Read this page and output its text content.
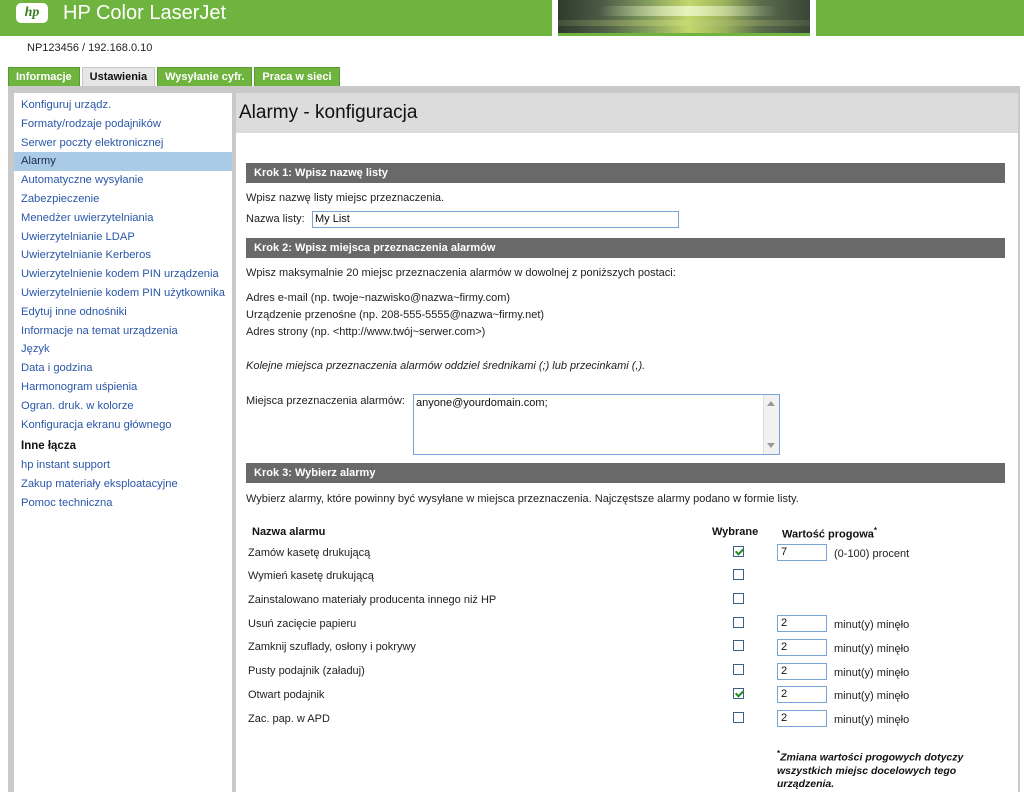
hp	HP Color LaserJet
NP123456 / 192.168.0.10
Informacje	Ustawienia	Wysyłanie cyfr.	Praca w sieci
Konfiguruj urządz.
Formaty/rodzaje podajników
Serwer poczty elektronicznej
Alarmy
Automatyczne wysyłanie
Zabezpieczenie
Menedżer uwierzytelniania
Uwierzytelnianie LDAP
Uwierzytelnianie Kerberos
Uwierzytelnienie kodem PIN urządzenia
Uwierzytelnienie kodem PIN użytkownika
Edytuj inne odnośniki
Informacje na temat urządzenia
Język
Data i godzina
Harmonogram uśpienia
Ogran. druk. w kolorze
Konfiguracja ekranu głównego
Inne łącza
hp instant support
Zakup materiały eksploatacyjne
Pomoc techniczna
Alarmy - konfiguracja
Krok 1: Wpisz nazwę listy
Wpisz nazwę listy miejsc przeznaczenia.
Nazwa listy: My List
Krok 2: Wpisz miejsca przeznaczenia alarmów
Wpisz maksymalnie 20 miejsc przeznaczenia alarmów w dowolnej z poniższych postaci:
Adres e-mail (np. twoje~nazwisko@nazwa~firmy.com)
Urządzenie przenośne (np. 208-555-5555@nazwa~firmy.net)
Adres strony (np. <http://www.twój~serwer.com>)
Kolejne miejsca przeznaczenia alarmów oddziel średnikami (;) lub przecinkami (,).
Miejsca przeznaczenia alarmów: anyone@yourdomain.com;
Krok 3: Wybierz alarmy
Wybierz alarmy, które powinny być wysyłane w miejsca przeznaczenia. Najczęstsze alarmy podano w formie listy.
Nazwa alarmu	Wybrane Wartość progowa*
Zamów kasetę drukującą	7	(0-100) procent
Wymień kasetę drukującą
Zainstalowano materiały producenta innego niż HP
Usuń zacięcie papieru	2	minut(y) minęło
Zamknij szuflady, osłony i pokrywy	2	minut(y) minęło
Pusty podajnik (załaduj)	2	minut(y) minęło
Otwart podajnik	2	minut(y) minęło
Zac. pap. w APD	2	minut(y) minęło
*Zmiana wartości progowych dotyczy wszystkich miejsc docelowych tego urządzenia.
